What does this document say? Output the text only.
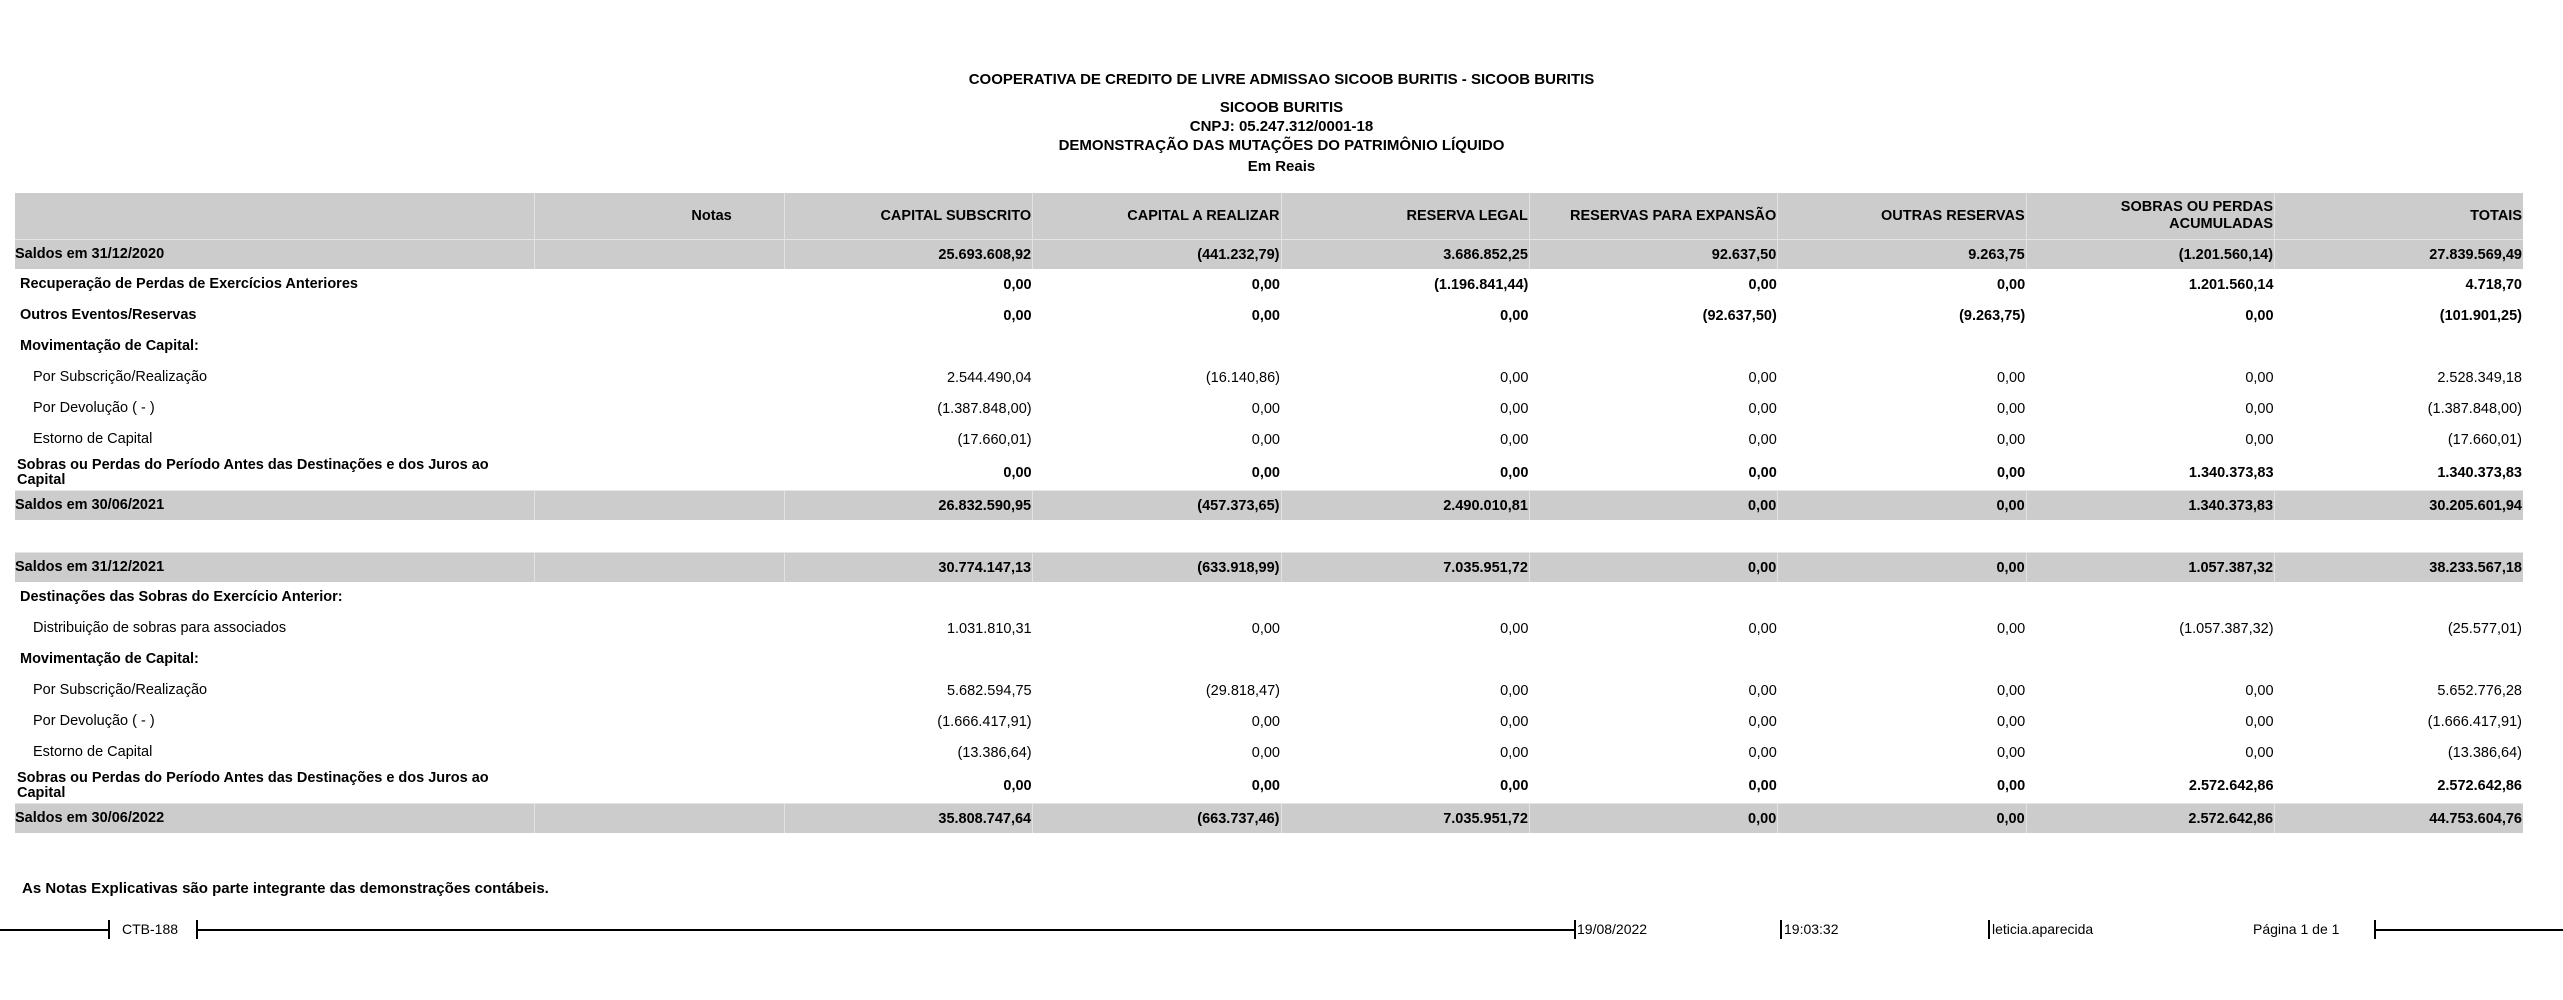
COOPERATIVA DE CREDITO DE LIVRE ADMISSAO SICOOB BURITIS - SICOOB BURITIS
SICOOB BURITIS
CNPJ: 05.247.312/0001-18
DEMONSTRAÇÃO DAS MUTAÇÕES DO PATRIMÔNIO LÍQUIDO
Em Reais
	Notas	CAPITAL SUBSCRITO	CAPITAL A REALIZAR	RESERVA LEGAL	RESERVAS PARA EXPANSÃO	OUTRAS RESERVAS	SOBRAS OU PERDAS ACUMULADAS	TOTAIS
Saldos em 31/12/2020		25.693.608,92	(441.232,79)	3.686.852,25	92.637,50	9.263,75	(1.201.560,14)	27.839.569,49
Recuperação de Perdas de Exercícios Anteriores		0,00	0,00	(1.196.841,44)	0,00	0,00	1.201.560,14	4.718,70
Outros Eventos/Reservas		0,00	0,00	0,00	(92.637,50)	(9.263,75)	0,00	(101.901,25)
Movimentação de Capital:								
Por Subscrição/Realização		2.544.490,04	(16.140,86)	0,00	0,00	0,00	0,00	2.528.349,18
Por Devolução ( - )		(1.387.848,00)	0,00	0,00	0,00	0,00	0,00	(1.387.848,00)
Estorno de Capital		(17.660,01)	0,00	0,00	0,00	0,00	0,00	(17.660,01)
Sobras ou Perdas do Período Antes das Destinações e dos Juros ao Capital		0,00	0,00	0,00	0,00	0,00	1.340.373,83	1.340.373,83
Saldos em 30/06/2021		26.832.590,95	(457.373,65)	2.490.010,81	0,00	0,00	1.340.373,83	30.205.601,94

Saldos em 31/12/2021		30.774.147,13	(633.918,99)	7.035.951,72	0,00	0,00	1.057.387,32	38.233.567,18
Destinações das Sobras do Exercício Anterior:								
Distribuição de sobras para associados		1.031.810,31	0,00	0,00	0,00	0,00	(1.057.387,32)	(25.577,01)
Movimentação de Capital:								
Por Subscrição/Realização		5.682.594,75	(29.818,47)	0,00	0,00	0,00	0,00	5.652.776,28
Por Devolução ( - )		(1.666.417,91)	0,00	0,00	0,00	0,00	0,00	(1.666.417,91)
Estorno de Capital		(13.386,64)	0,00	0,00	0,00	0,00	0,00	(13.386,64)
Sobras ou Perdas do Período Antes das Destinações e dos Juros ao Capital		0,00	0,00	0,00	0,00	0,00	2.572.642,86	2.572.642,86
Saldos em 30/06/2022		35.808.747,64	(663.737,46)	7.035.951,72	0,00	0,00	2.572.642,86	44.753.604,76
As Notas Explicativas são parte integrante das demonstrações contábeis.
CTB-188	19/08/2022	19:03:32	leticia.aparecida	Página 1 de 1
